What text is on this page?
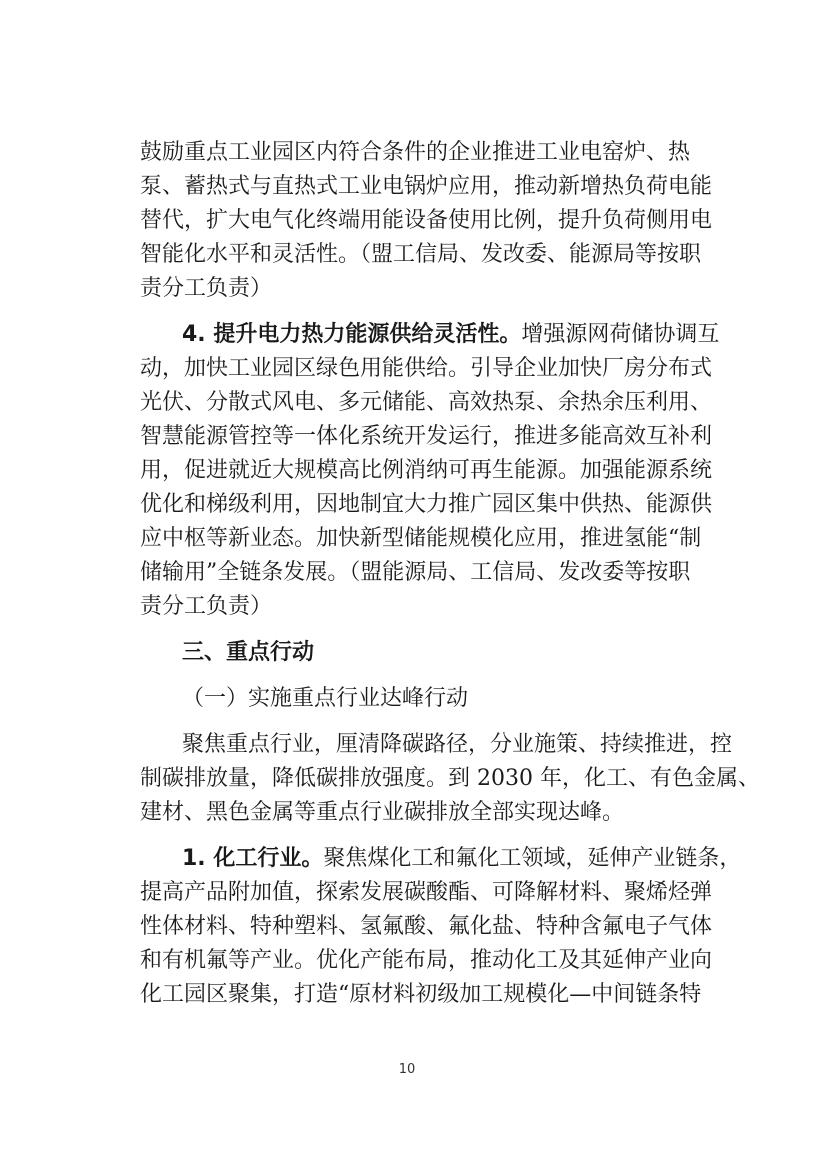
鼓励重点工业园区内符合条件的企业推进工业电窑炉、热
泵、蓄热式与直热式工业电锅炉应用，推动新增热负荷电能
替代，扩大电气化终端用能设备使用比例，提升负荷侧用电
智能化水平和灵活性。（盟工信局、发改委、能源局等按职
责分工负责）
4. 提升电力热力能源供给灵活性。增强源网荷储协调互
动，加快工业园区绿色用能供给。引导企业加快厂房分布式
光伏、分散式风电、多元储能、高效热泵、余热余压利用、
智慧能源管控等一体化系统开发运行，推进多能高效互补利
用，促进就近大规模高比例消纳可再生能源。加强能源系统
优化和梯级利用，因地制宜大力推广园区集中供热、能源供
应中枢等新业态。加快新型储能规模化应用，推进氢能“制
储输用”全链条发展。（盟能源局、工信局、发改委等按职
责分工负责）
三、重点行动
（一）实施重点行业达峰行动
聚焦重点行业，厘清降碳路径，分业施策、持续推进，控
制碳排放量，降低碳排放强度。到 2030 年，化工、有色金属、
建材、黑色金属等重点行业碳排放全部实现达峰。
1. 化工行业。聚焦煤化工和氟化工领域，延伸产业链条，
提高产品附加值，探索发展碳酸酯、可降解材料、聚烯烃弹
性体材料、特种塑料、氢氟酸、氟化盐、特种含氟电子气体
和有机氟等产业。优化产能布局，推动化工及其延伸产业向
化工园区聚集，打造“原材料初级加工规模化—中间链条特
10
